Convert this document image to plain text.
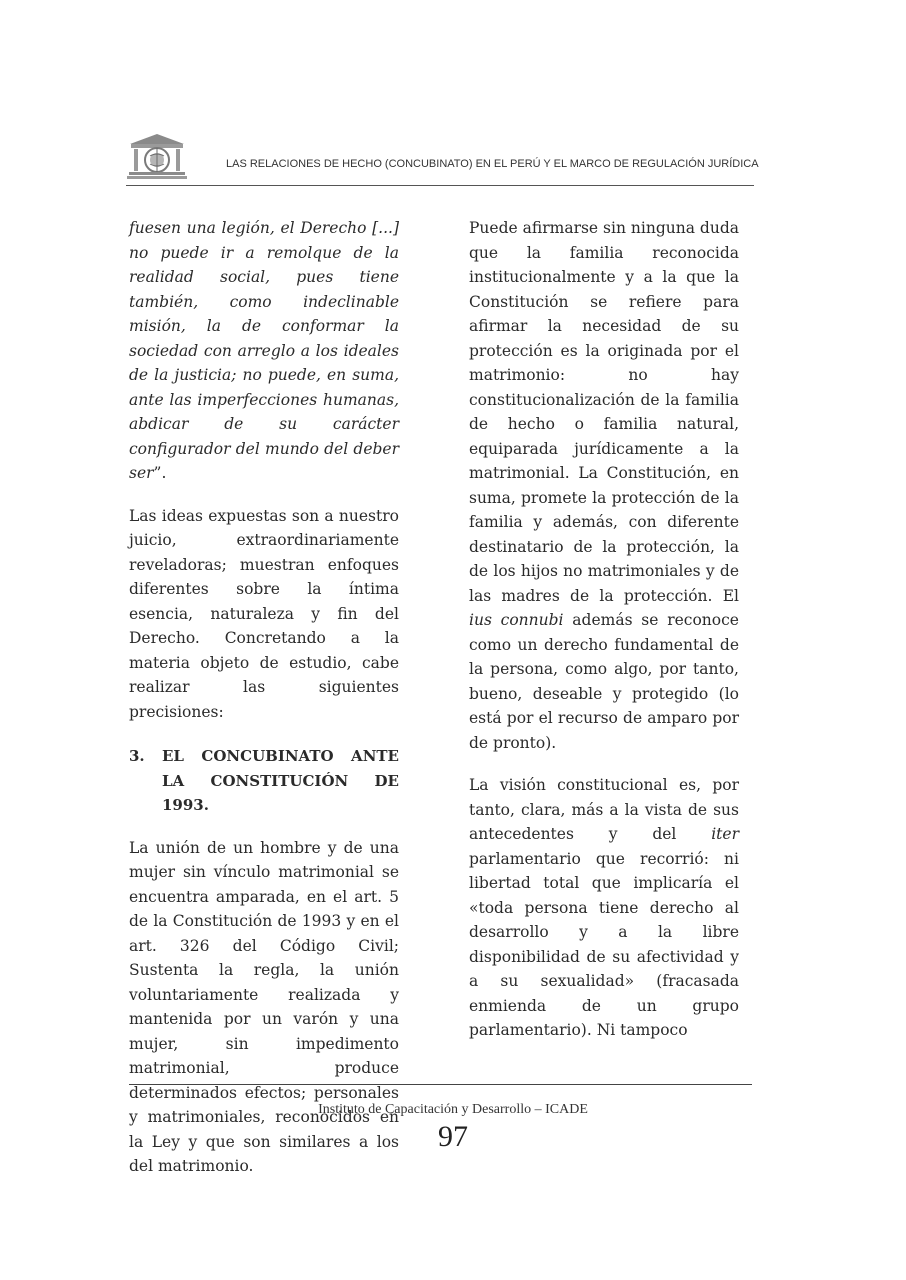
LAS RELACIONES DE HECHO (CONCUBINATO) EN EL PERÚ Y EL MARCO DE REGULACIÓN JURÍDICA

fuesen una legión, el Derecho [...] no puede ir a remolque de la realidad social, pues tiene también, como indeclinable misión, la de conformar la sociedad con arreglo a los ideales de la justicia; no puede, en suma, ante las imperfecciones humanas, abdicar de su carácter configurador del mundo del deber ser”.

Las ideas expuestas son a nuestro juicio, extraordinariamente reveladoras; muestran enfoques diferentes sobre la íntima esencia, naturaleza y fin del Derecho. Concretando a la materia objeto de estudio, cabe realizar las siguientes precisiones:

3.	EL CONCUBINATO ANTE LA CONSTITUCIÓN DE 1993.

La unión de un hombre y de una mujer sin vínculo matrimonial se encuentra amparada, en el art. 5 de la Constitución de 1993 y en el art. 326 del Código Civil; Sustenta la regla, la unión voluntariamente realizada y mantenida por un varón y una mujer, sin impedimento matrimonial, produce determinados efectos; personales y matrimoniales, reconocidos en la Ley y que son similares a los del matrimonio.

Puede afirmarse sin ninguna duda que la familia reconocida institucionalmente y a la que la Constitución se refiere para afirmar la necesidad de su protección es la originada por el matrimonio: no hay constitucionalización de la familia de hecho o familia natural, equiparada jurídicamente a la matrimonial. La Constitución, en suma, promete la protección de la familia y además, con diferente destinatario de la protección, la de los hijos no matrimoniales y de las madres de la protección. El ius connubi además se reconoce como un derecho fundamental de la persona, como algo, por tanto, bueno, deseable y protegido (lo está por el recurso de amparo por de pronto).

La visión constitucional es, por tanto, clara, más a la vista de sus antecedentes y del iter parlamentario que recorrió: ni libertad total que implicaría el «toda persona tiene derecho al desarrollo y a la libre disponibilidad de su afectividad y a su sexualidad» (fracasada enmienda de un grupo parlamentario). Ni tampoco

Instituto de Capacitación y Desarrollo – ICADE
97
